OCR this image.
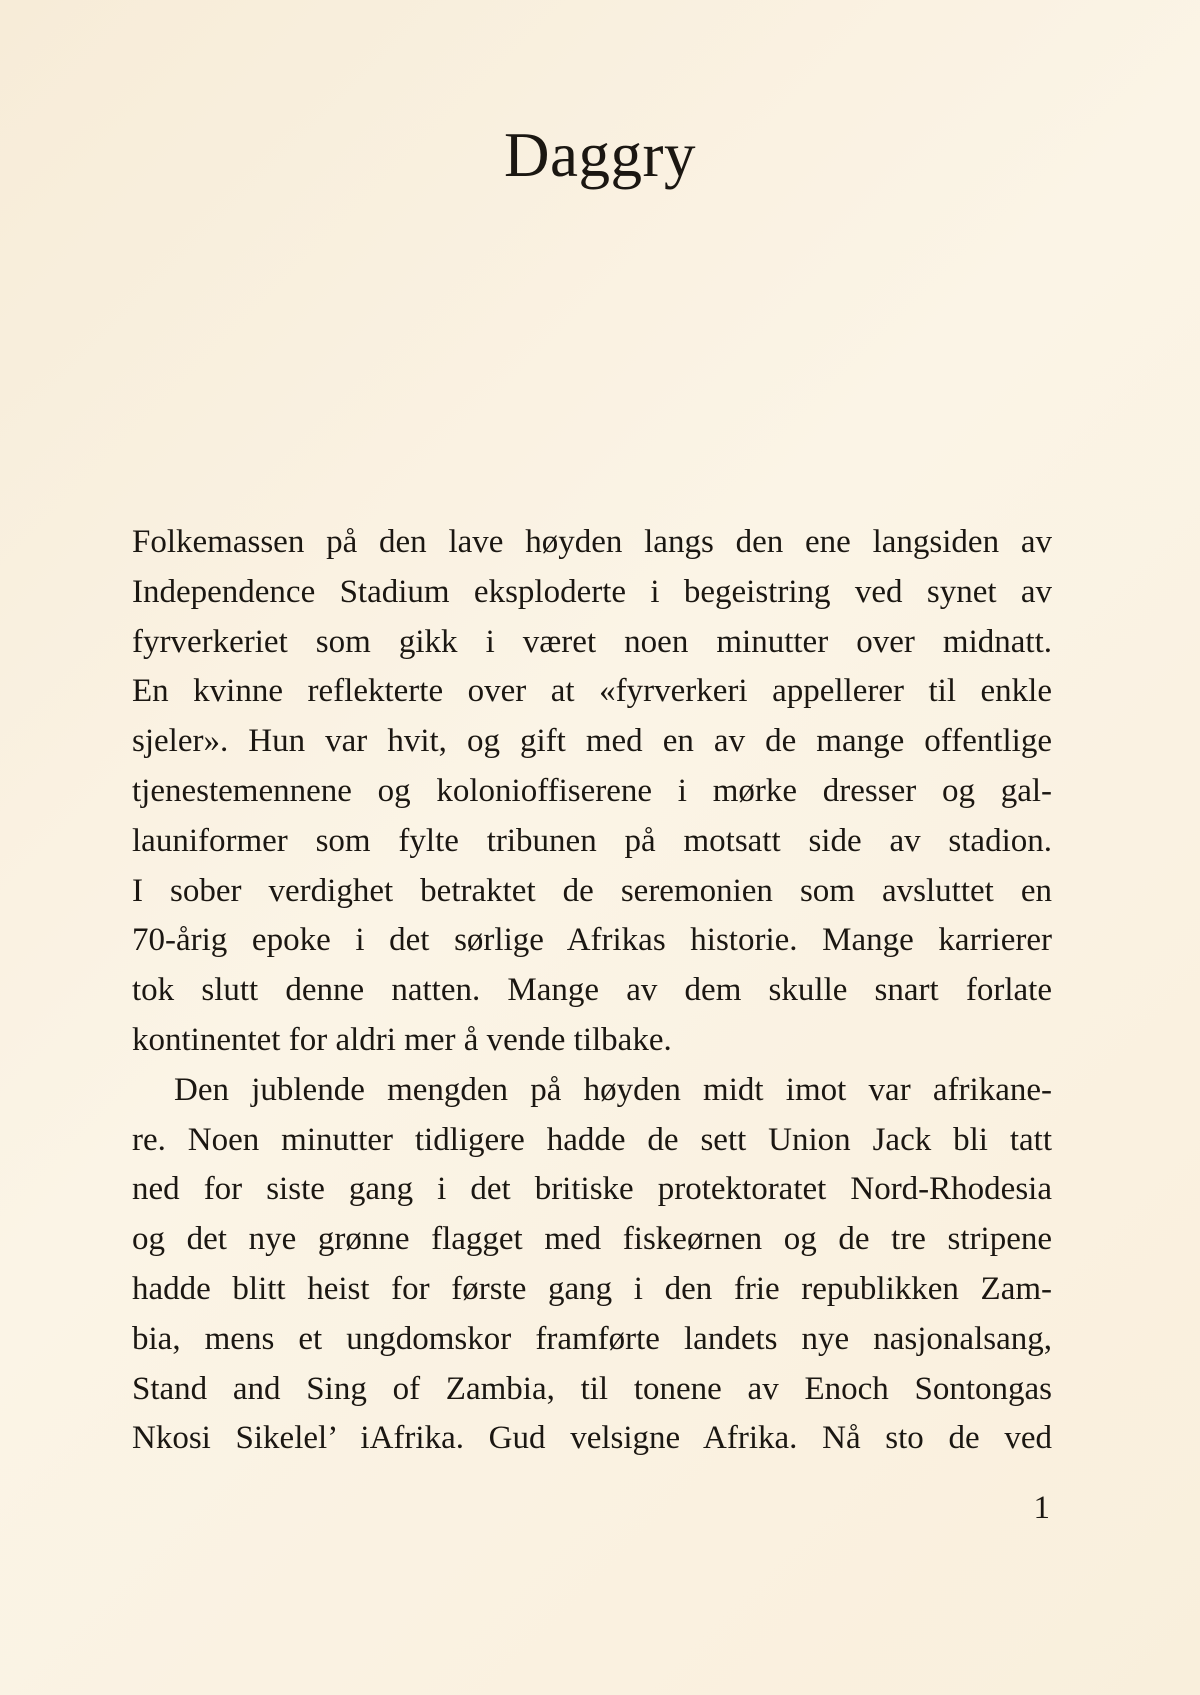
Daggry
Folkemassen på den lave høyden langs den ene langsiden av
Independence Stadium eksploderte i begeistring ved synet av
fyrverkeriet som gikk i været noen minutter over midnatt.
En kvinne reflekterte over at «fyrverkeri appellerer til enkle
sjeler». Hun var hvit, og gift med en av de mange offentlige
tjenestemennene og kolonioffiserene i mørke dresser og gal-
launiformer som fylte tribunen på motsatt side av stadion.
I sober verdighet betraktet de seremonien som avsluttet en
70-årig epoke i det sørlige Afrikas historie. Mange karrierer
tok slutt denne natten. Mange av dem skulle snart forlate
kontinentet for aldri mer å vende tilbake.
Den jublende mengden på høyden midt imot var afrikane-
re. Noen minutter tidligere hadde de sett Union Jack bli tatt
ned for siste gang i det britiske protektoratet Nord-Rhodesia
og det nye grønne flagget med fiskeørnen og de tre stripene
hadde blitt heist for første gang i den frie republikken Zam-
bia, mens et ungdomskor framførte landets nye nasjonalsang,
Stand and Sing of Zambia, til tonene av Enoch Sontongas
Nkosi Sikelel’ iAfrika. Gud velsigne Afrika. Nå sto de ved
1
